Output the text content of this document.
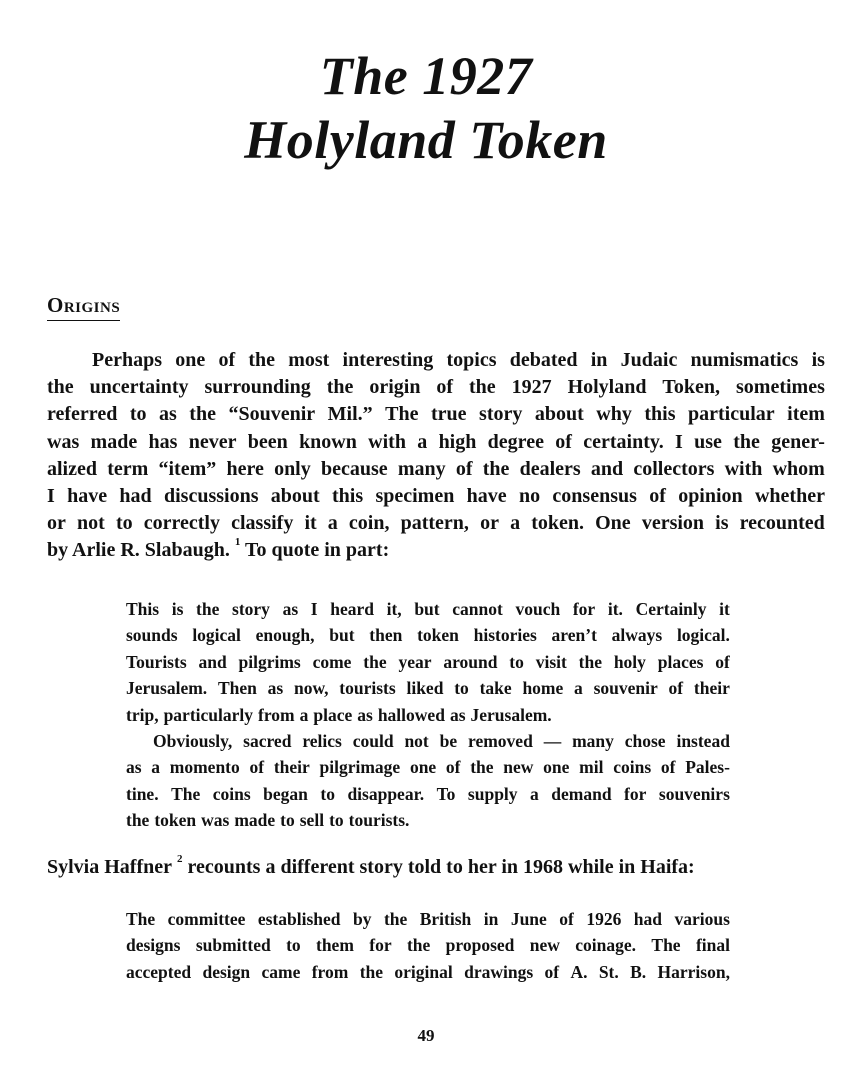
The 1927
Holyland Token
Origins
Perhaps one of the most interesting topics debated in Judaic numismatics is
the uncertainty surrounding the origin of the 1927 Holyland Token, sometimes
referred to as the “Souvenir Mil.” The true story about why this particular item
was made has never been known with a high degree of certainty. I use the gener-
alized term “item” here only because many of the dealers and collectors with whom
I have had discussions about this specimen have no consensus of opinion whether
or not to correctly classify it a coin, pattern, or a token. One version is recounted
by Arlie R. Slabaugh. $^1$ To quote in part:
This is the story as I heard it, but cannot vouch for it. Certainly it
sounds logical enough, but then token histories aren’t always logical.
Tourists and pilgrims come the year around to visit the holy places of
Jerusalem. Then as now, tourists liked to take home a souvenir of their
trip, particularly from a place as hallowed as Jerusalem.
Obviously, sacred relics could not be removed — many chose instead
as a momento of their pilgrimage one of the new one mil coins of Pales-
tine. The coins began to disappear. To supply a demand for souvenirs
the token was made to sell to tourists.
Sylvia Haffner $^2$ recounts a different story told to her in 1968 while in Haifa:
The committee established by the British in June of 1926 had various
designs submitted to them for the proposed new coinage. The final
accepted design came from the original drawings of A. St. B. Harrison,
49
